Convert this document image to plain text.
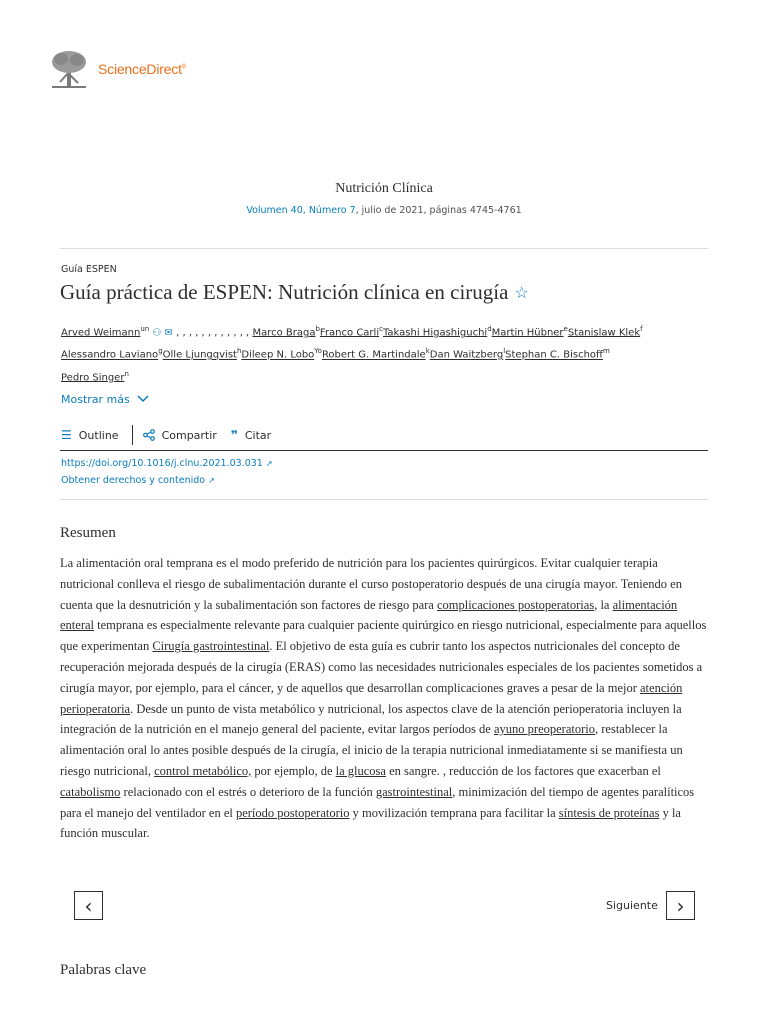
ScienceDirect®
Nutrición Clínica
Volumen 40, Número 7, julio de 2021, páginas 4745-4761
Guía ESPEN
Guía práctica de ESPEN: Nutrición clínica en cirugía ☆
Arved Weimann$^{un}$ ⚇ ✉ , , , , , , , , , , , , Marco Braga$^b$Franco Carli$^c$Takashi Higashiguchi$^d$Martin Hübner$^e$Stanislaw Klek$^f$
Alessandro Laviano$^g$Olle Ljungqvist$^h$Dileep N. Lobo$^{Yo}$Robert G. Martindale$^k$Dan Waitzberg$^l$Stephan C. Bischoff$^m$
Pedro Singer$^n$
Mostrar más
☰ Outline	Compartir ❞ Citar
https://doi.org/10.1016/j.clnu.2021.03.031 ↗
Obtener derechos y contenido ↗
Resumen

La alimentación oral temprana es el modo preferido de nutrición para los pacientes quirúrgicos. Evitar cualquier terapia nutricional conlleva el riesgo de subalimentación durante el curso postoperatorio después de una cirugía mayor. Teniendo en cuenta que la desnutrición y la subalimentación son factores de riesgo para complicaciones postoperatorias, la alimentación enteral temprana es especialmente relevante para cualquier paciente quirúrgico en riesgo nutricional, especialmente para aquellos que experimentan Cirugía gastrointestinal. El objetivo de esta guía es cubrir tanto los aspectos nutricionales del concepto de recuperación mejorada después de la cirugía (ERAS) como las necesidades nutricionales especiales de los pacientes sometidos a cirugía mayor, por ejemplo, para el cáncer, y de aquellos que desarrollan complicaciones graves a pesar de la mejor atención perioperatoria. Desde un punto de vista metabólico y nutricional, los aspectos clave de la atención perioperatoria incluyen la integración de la nutrición en el manejo general del paciente, evitar largos períodos de ayuno preoperatorio, restablecer la alimentación oral lo antes posible después de la cirugía, el inicio de la terapia nutricional inmediatamente si se manifiesta un riesgo nutricional, control metabólico, por ejemplo, de la glucosa en sangre. , reducción de los factores que exacerban el catabolismo relacionado con el estrés o deterioro de la función gastrointestinal, minimización del tiempo de agentes paralíticos para el manejo del ventilador en el período postoperatorio y movilización temprana para facilitar la síntesis de proteínas y la función muscular.

‹	Siguiente ›
Palabras clave
